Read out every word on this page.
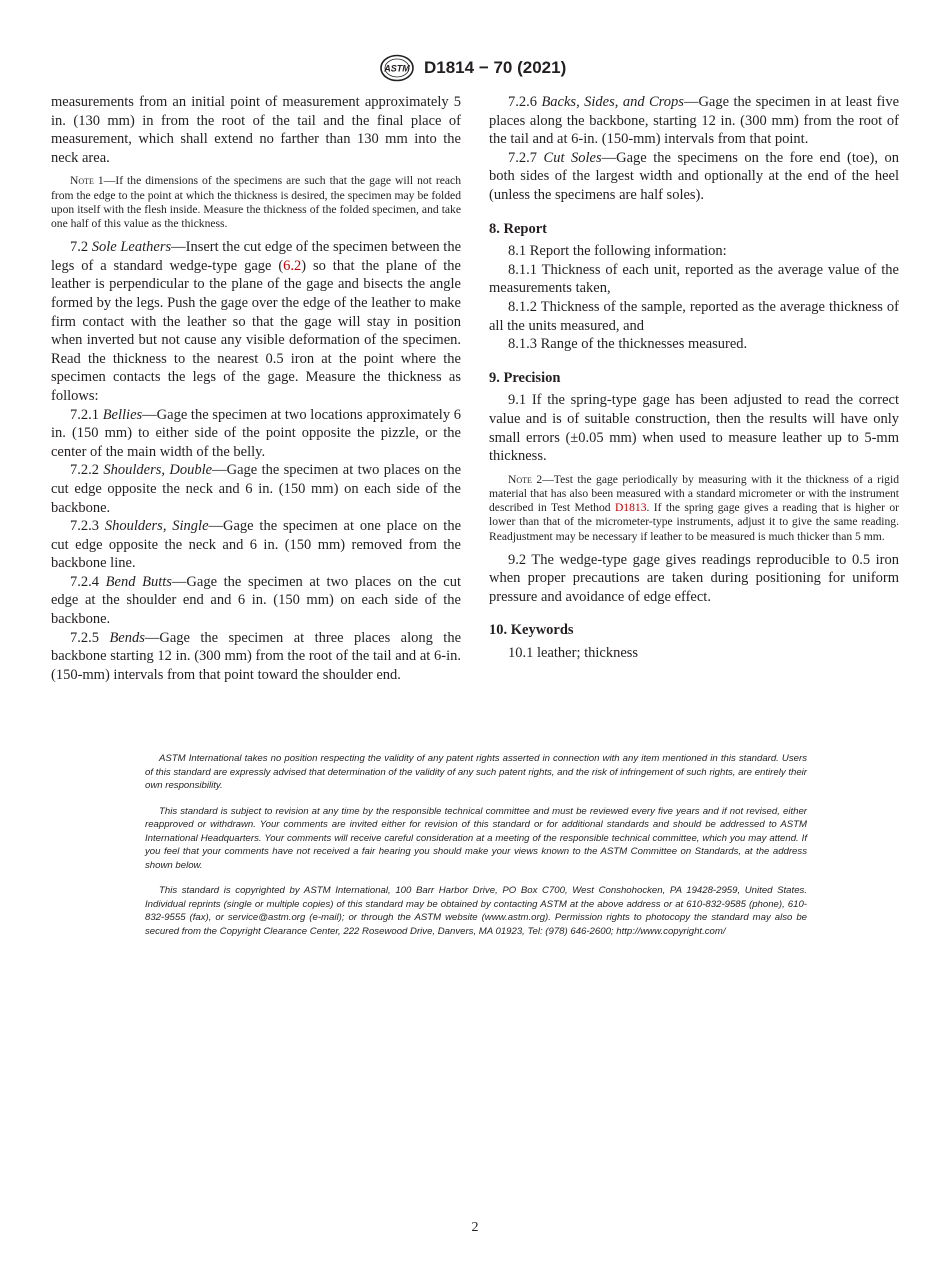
ASTM D1814 − 70 (2021)

measurements from an initial point of measurement approximately 5 in. (130 mm) in from the root of the tail and the final place of measurement, which shall extend no farther than 130 mm into the neck area.

Note 1—If the dimensions of the specimens are such that the gage will not reach from the edge to the point at which the thickness is desired, the specimen may be folded upon itself with the flesh inside. Measure the thickness of the folded specimen, and take one half of this value as the thickness.

7.2 Sole Leathers—Insert the cut edge of the specimen between the legs of a standard wedge-type gage (6.2) so that the plane of the leather is perpendicular to the plane of the gage and bisects the angle formed by the legs. Push the gage over the edge of the leather to make firm contact with the leather so that the gage will stay in position when inverted but not cause any visible deformation of the specimen. Read the thickness to the nearest 0.5 iron at the point where the specimen contacts the legs of the gage. Measure the thickness as follows:

7.2.1 Bellies—Gage the specimen at two locations approximately 6 in. (150 mm) to either side of the point opposite the pizzle, or the center of the main width of the belly.

7.2.2 Shoulders, Double—Gage the specimen at two places on the cut edge opposite the neck and 6 in. (150 mm) on each side of the backbone.

7.2.3 Shoulders, Single—Gage the specimen at one place on the cut edge opposite the neck and 6 in. (150 mm) removed from the backbone line.

7.2.4 Bend Butts—Gage the specimen at two places on the cut edge at the shoulder end and 6 in. (150 mm) on each side of the backbone.

7.2.5 Bends—Gage the specimen at three places along the backbone starting 12 in. (300 mm) from the root of the tail and at 6-in. (150-mm) intervals from that point toward the shoulder end.

7.2.6 Backs, Sides, and Crops—Gage the specimen in at least five places along the backbone, starting 12 in. (300 mm) from the root of the tail and at 6-in. (150-mm) intervals from that point.

7.2.7 Cut Soles—Gage the specimens on the fore end (toe), on both sides of the largest width and optionally at the end of the heel (unless the specimens are half soles).

8. Report

8.1 Report the following information:

8.1.1 Thickness of each unit, reported as the average value of the measurements taken,

8.1.2 Thickness of the sample, reported as the average thickness of all the units measured, and

8.1.3 Range of the thicknesses measured.

9. Precision

9.1 If the spring-type gage has been adjusted to read the correct value and is of suitable construction, then the results will have only small errors (±0.05 mm) when used to measure leather up to 5-mm thickness.

Note 2—Test the gage periodically by measuring with it the thickness of a rigid material that has also been measured with a standard micrometer or with the instrument described in Test Method D1813. If the spring gage gives a reading that is higher or lower than that of the micrometer-type instruments, adjust it to give the same reading. Readjustment may be necessary if leather to be measured is much thicker than 5 mm.

9.2 The wedge-type gage gives readings reproducible to 0.5 iron when proper precautions are taken during positioning for uniform pressure and avoidance of edge effect.

10. Keywords

10.1 leather; thickness

ASTM International takes no position respecting the validity of any patent rights asserted in connection with any item mentioned in this standard. Users of this standard are expressly advised that determination of the validity of any such patent rights, and the risk of infringement of such rights, are entirely their own responsibility.

This standard is subject to revision at any time by the responsible technical committee and must be reviewed every five years and if not revised, either reapproved or withdrawn. Your comments are invited either for revision of this standard or for additional standards and should be addressed to ASTM International Headquarters. Your comments will receive careful consideration at a meeting of the responsible technical committee, which you may attend. If you feel that your comments have not received a fair hearing you should make your views known to the ASTM Committee on Standards, at the address shown below.

This standard is copyrighted by ASTM International, 100 Barr Harbor Drive, PO Box C700, West Conshohocken, PA 19428-2959, United States. Individual reprints (single or multiple copies) of this standard may be obtained by contacting ASTM at the above address or at 610-832-9585 (phone), 610-832-9555 (fax), or service@astm.org (e-mail); or through the ASTM website (www.astm.org). Permission rights to photocopy the standard may also be secured from the Copyright Clearance Center, 222 Rosewood Drive, Danvers, MA 01923, Tel: (978) 646-2600; http://www.copyright.com/

2
